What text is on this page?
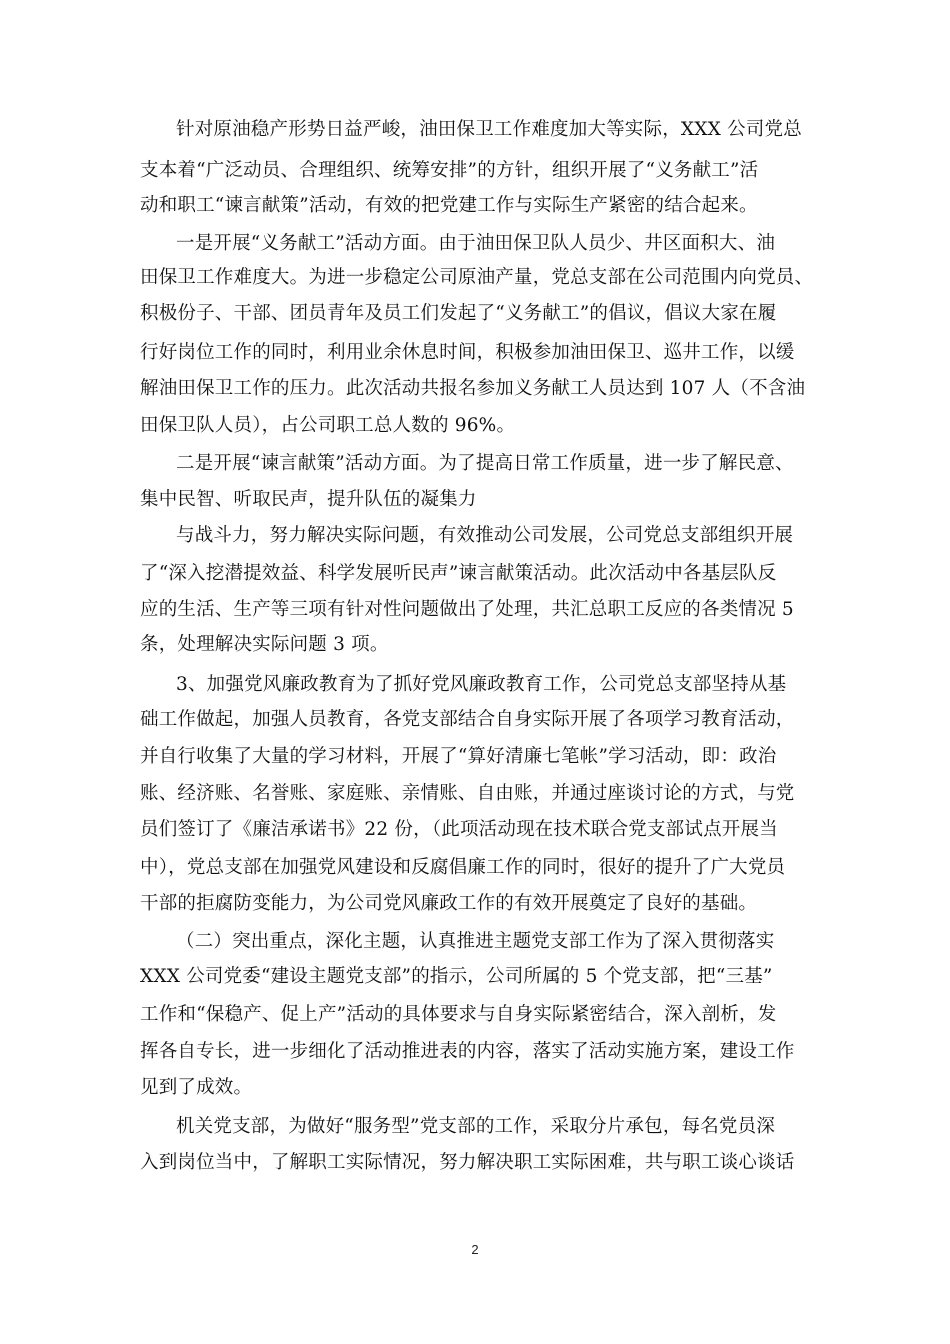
针对原油稳产形势日益严峻，油田保卫工作难度加大等实际，XXX 公司党总
支本着“广泛动员、合理组织、统筹安排”的方针，组织开展了“义务献工”活
动和职工“谏言献策”活动，有效的把党建工作与实际生产紧密的结合起来。
一是开展“义务献工”活动方面。由于油田保卫队人员少、井区面积大、油
田保卫工作难度大。为进一步稳定公司原油产量，党总支部在公司范围内向党员、
积极份子、干部、团员青年及员工们发起了“义务献工”的倡议，倡议大家在履
行好岗位工作的同时，利用业余休息时间，积极参加油田保卫、巡井工作，以缓
解油田保卫工作的压力。此次活动共报名参加义务献工人员达到 107 人（不含油
田保卫队人员），占公司职工总人数的 96%。
二是开展“谏言献策”活动方面。为了提高日常工作质量，进一步了解民意、
集中民智、听取民声，提升队伍的凝集力
与战斗力，努力解决实际问题，有效推动公司发展，公司党总支部组织开展
了“深入挖潜提效益、科学发展听民声”谏言献策活动。此次活动中各基层队反
应的生活、生产等三项有针对性问题做出了处理，共汇总职工反应的各类情况 5
条，处理解决实际问题 3 项。
3、加强党风廉政教育为了抓好党风廉政教育工作，公司党总支部坚持从基
础工作做起，加强人员教育，各党支部结合自身实际开展了各项学习教育活动，
并自行收集了大量的学习材料，开展了“算好清廉七笔帐”学习活动，即：政治
账、经济账、名誉账、家庭账、亲情账、自由账，并通过座谈讨论的方式，与党
员们签订了《廉洁承诺书》22 份，（此项活动现在技术联合党支部试点开展当
中），党总支部在加强党风建设和反腐倡廉工作的同时，很好的提升了广大党员
干部的拒腐防变能力，为公司党风廉政工作的有效开展奠定了良好的基础。
（二）突出重点，深化主题，认真推进主题党支部工作为了深入贯彻落实
XXX 公司党委“建设主题党支部”的指示，公司所属的 5 个党支部，把“三基”
工作和“保稳产、促上产”活动的具体要求与自身实际紧密结合，深入剖析，发
挥各自专长，进一步细化了活动推进表的内容，落实了活动实施方案，建设工作
见到了成效。
机关党支部，为做好“服务型”党支部的工作，采取分片承包，每名党员深
入到岗位当中，了解职工实际情况，努力解决职工实际困难，共与职工谈心谈话
2
